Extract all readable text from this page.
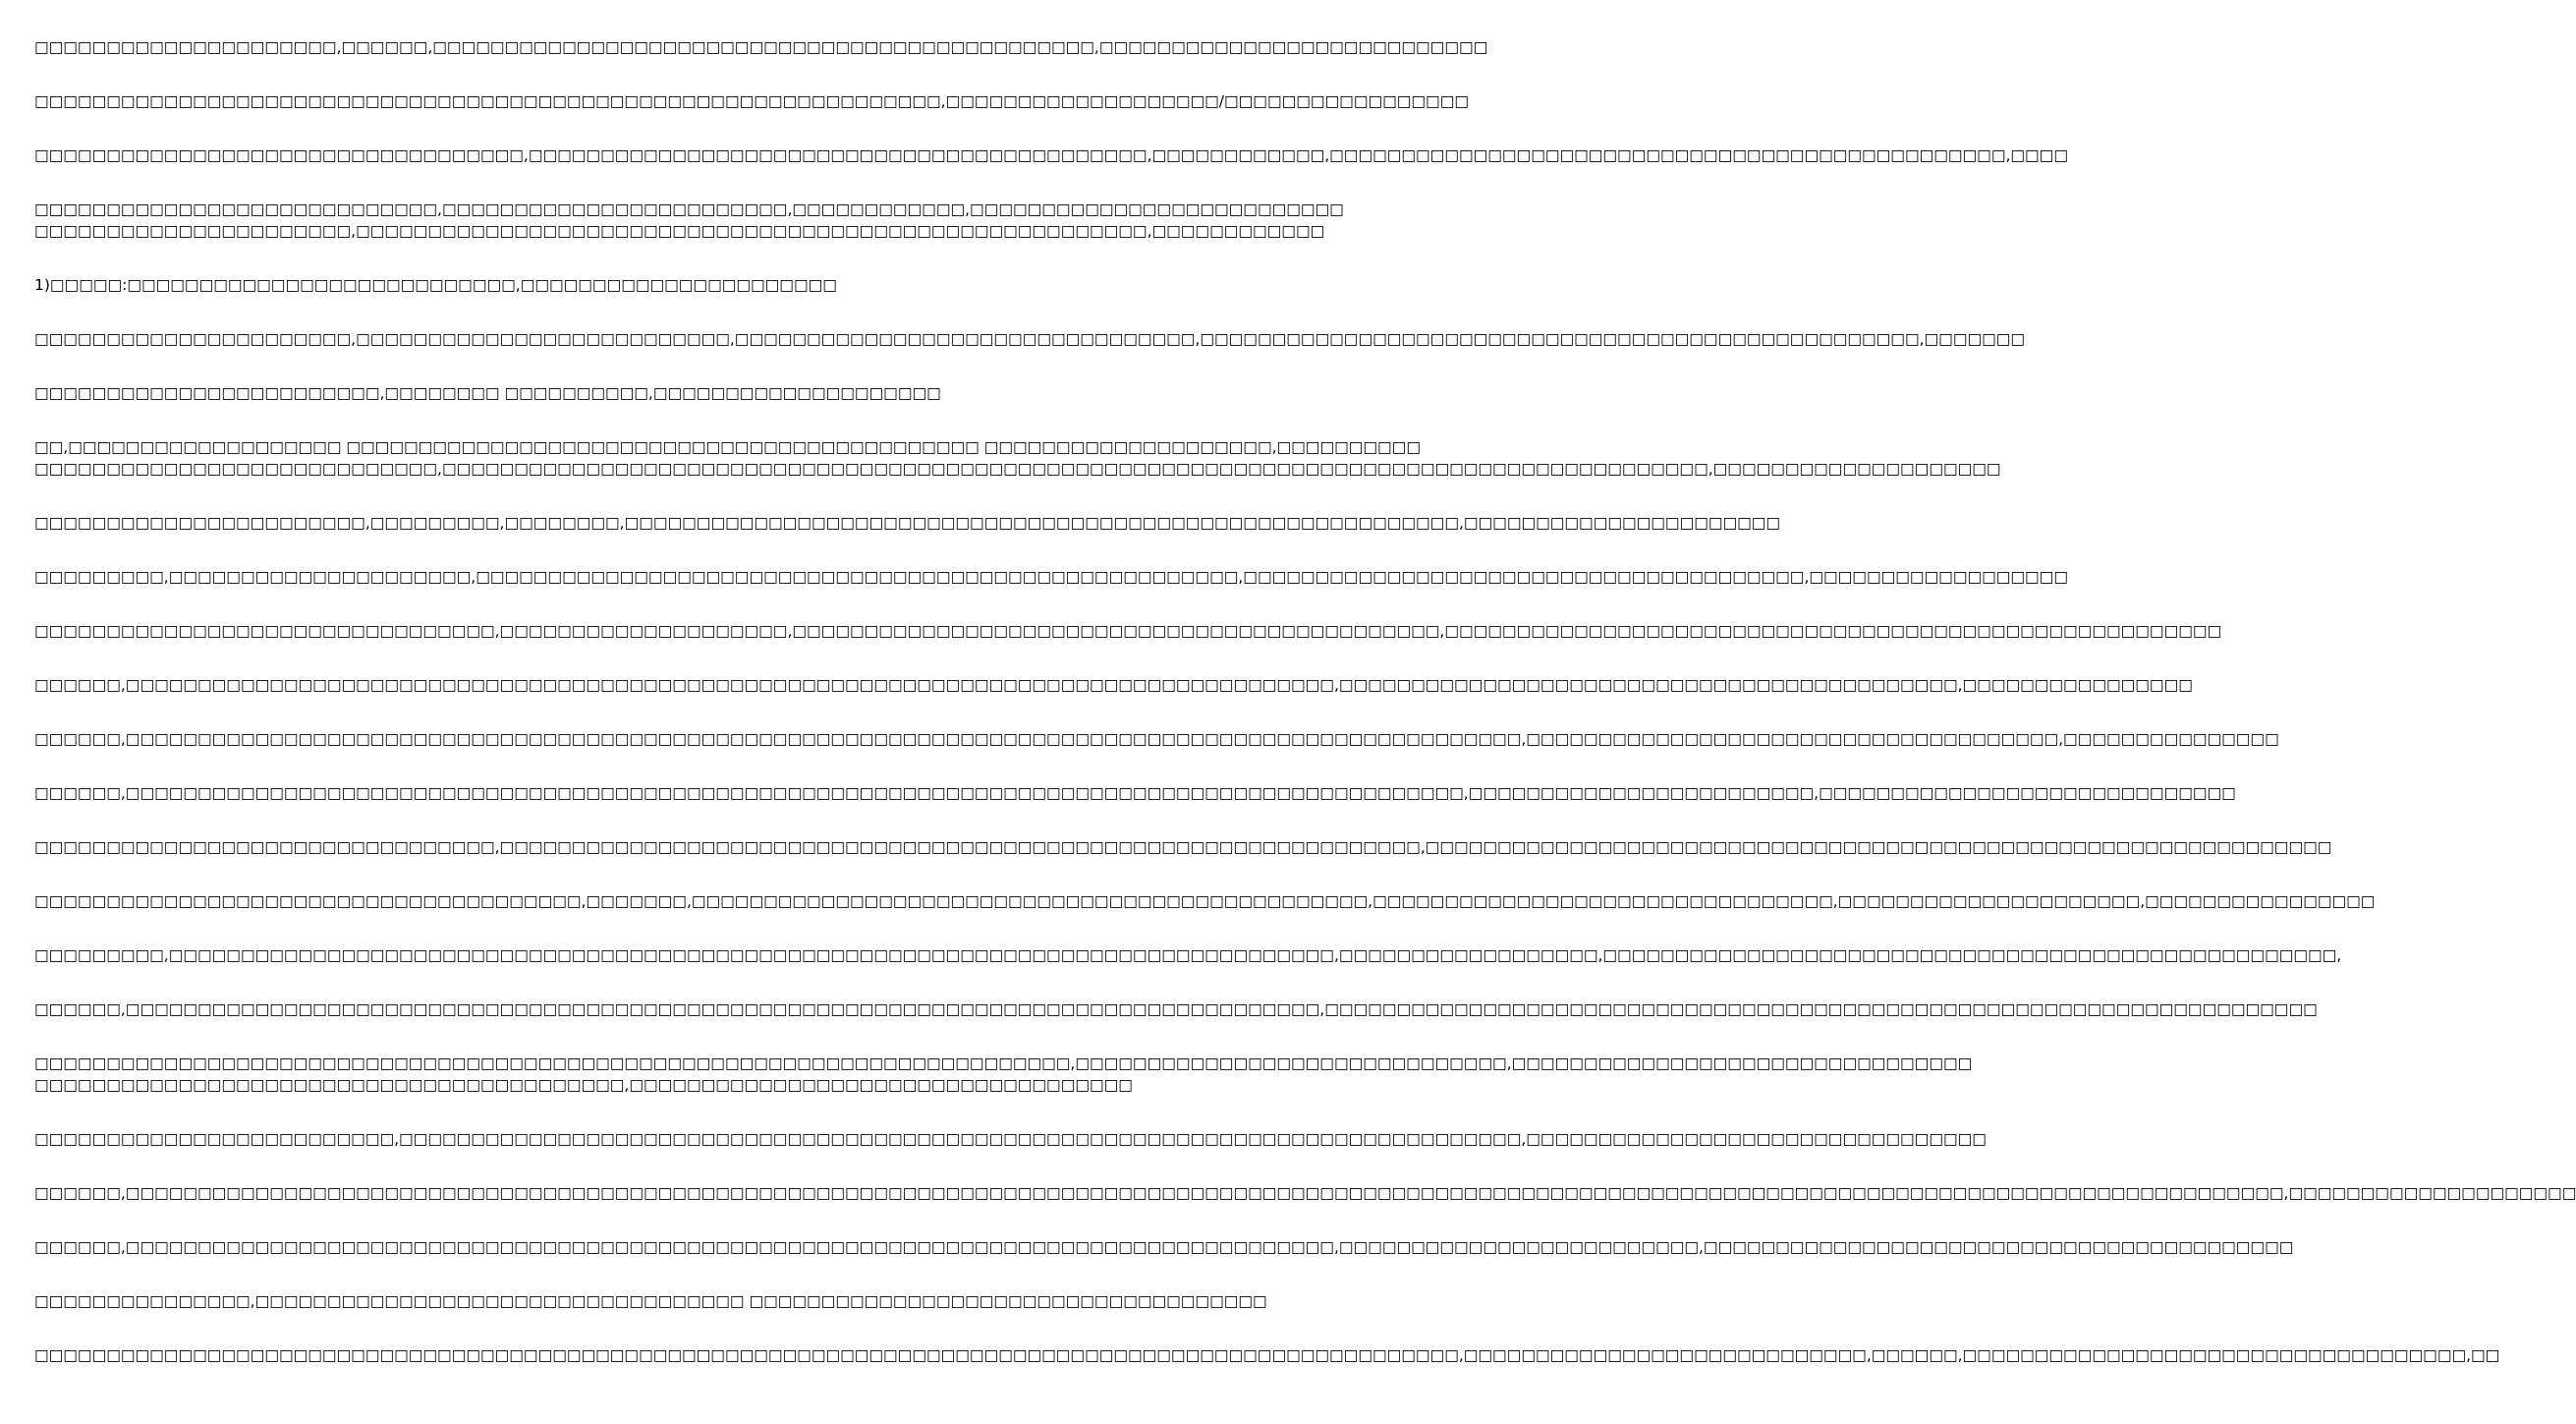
□□□□□□□□□□□□□□□□□□□□□,□□□□□□,□□□□□□□□□□□□□□□□□□□□□□□□□□□□□□□□□□□□□□□□□□□□□□,□□□□□□□□□□□□□□□□□□□□□□□□□□□
□□□□□□□□□□□□□□□□□□□□□□□□□□□□□□□□□□□□□□□□□□□□□□□□□□□□□□□□□□□□□□□,□□□□□□□□□□□□□□□□□□□/□□□□□□□□□□□□□□□□□
□□□□□□□□□□□□□□□□□□□□□□□□□□□□□□□□□□,□□□□□□□□□□□□□□□□□□□□□□□□□□□□□□□□□□□□□□□□□□□,□□□□□□□□□□□□,□□□□□□□□□□□□□□□□□□□□□□□□□□□□□□□□□□□□□□□□□□□□□□□,□□□□
□□□□□□□□□□□□□□□□□□□□□□□□□□□□,□□□□□□□□□□□□□□□□□□□□□□□□,□□□□□□□□□□□□,□□□□□□□□□□□□□□□□□□□□□□□□□□
□□□□□□□□□□□□□□□□□□□□□□,□□□□□□□□□□□□□□□□□□□□□□□□□□□□□□□□□□□□□□□□□□□□□□□□□□□□□□□,□□□□□□□□□□□□
1)□□□□□:□□□□□□□□□□□□□□□□□□□□□□□□□□□,□□□□□□□□□□□□□□□□□□□□□□
□□□□□□□□□□□□□□□□□□□□□□,□□□□□□□□□□□□□□□□□□□□□□□□□□,□□□□□□□□□□□□□□□□□□□□□□□□□□□□□□□□,□□□□□□□□□□□□□□□□□□□□□□□□□□□□□□□□□□□□□□□□□□□□□□□□□□,□□□□□□□
□□□□□□□□□□□□□□□□□□□□□□□□,□□□□□□□□ □□□□□□□□□□,□□□□□□□□□□□□□□□□□□□□
□□,□□□□□□□□□□□□□□□□□□□ □□□□□□□□□□□□□□□□□□□□□□□□□□□□□□□□□□□□□□□□□□□□ □□□□□□□□□□□□□□□□□□□□,□□□□□□□□□□
□□□□□□□□□□□□□□□□□□□□□□□□□□□□,□□□□□□□□□□□□□□□□□□□□□□□□□□□□□□□□□□□□□□□□□□□□□□□□□□□□□□□□□□□□□□□□□□□□□□□□□□□□□□□□□□□□□□□□,□□□□□□□□□□□□□□□□□□□□
□□□□□□□□□□□□□□□□□□□□□□□,□□□□□□□□□,□□□□□□□□,□□□□□□□□□□□□□□□□□□□□□□□□□□□□□□□□□□□□□□□□□□□□□□□□□□□□□□□□□□,□□□□□□□□□□□□□□□□□□□□□□
□□□□□□□□□,□□□□□□□□□□□□□□□□□□□□□,□□□□□□□□□□□□□□□□□□□□□□□□□□□□□□□□□□□□□□□□□□□□□□□□□□□□□,□□□□□□□□□□□□□□□□□□□□□□□□□□□□□□□□□□□□□□□,□□□□□□□□□□□□□□□□□□
□□□□□□□□□□□□□□□□□□□□□□□□□□□□□□□□,□□□□□□□□□□□□□□□□□□□□,□□□□□□□□□□□□□□□□□□□□□□□□□□□□□□□□□□□□□□□□□□□□□,□□□□□□□□□□□□□□□□□□□□□□□□□□□□□□□□□□□□□□□□□□□□□□□□□□□□□□
□□□□□□,□□□□□□□□□□□□□□□□□□□□□□□□□□□□□□□□□□□□□□□□□□□□□□□□□□□□□□□□□□□□□□□□□□□□□□□□□□□□□□□□□□□□,□□□□□□□□□□□□□□□□□□□□□□□□□□□□□□□□□□□□□□□□□□□,□□□□□□□□□□□□□□□□
□□□□□□,□□□□□□□□□□□□□□□□□□□□□□□□□□□□□□□□□□□□□□□□□□□□□□□□□□□□□□□□□□□□□□□□□□□□□□□□□□□□□□□□□□□□□□□□□□□□□□□□□,□□□□□□□□□□□□□□□□□□□□□□□□□□□□□□□□□□□□□,□□□□□□□□□□□□□□□
□□□□□□,□□□□□□□□□□□□□□□□□□□□□□□□□□□□□□□□□□□□□□□□□□□□□□□□□□□□□□□□□□□□□□□□□□□□□□□□□□□□□□□□□□□□□□□□□□□□□,□□□□□□□□□□□□□□□□□□□□□□□□,□□□□□□□□□□□□□□□□□□□□□□□□□□□□□
□□□□□□□□□□□□□□□□□□□□□□□□□□□□□□□□,□□□□□□□□□□□□□□□□□□□□□□□□□□□□□□□□□□□□□□□□□□□□□□□□□□□□□□□□□□□□□□□□,□□□□□□□□□□□□□□□□□□□□□□□□□□□□□□□□□□□□□□□□□□□□□□□□□□□□□□□□□□□□□□□
□□□□□□□□□□□□□□□□□□□□□□□□□□□□□□□□□□□□□□,□□□□□□□,□□□□□□□□□□□□□□□□□□□□□□□□□□□□□□□□□□□□□□□□□□□□□□□,□□□□□□□□□□□□□□□□□□□□□□□□□□□□□□□□,□□□□□□□□□□□□□□□□□□□□□,□□□□□□□□□□□□□□□□
□□□□□□□□□,□□□□□□□□□□□□□□□□□□□□□□□□□□□□□□□□□□□□□□□□□□□□□□□□□□□□□□□□□□□□□□□□□□□□□□□□□□□□□□□□□,□□□□□□□□□□□□□□□□□□,□□□□□□□□□□□□□□□□□□□□□□□□□□□□□□□□□□□□□□□□□□□□□□□□□□□,
□□□□□□,□□□□□□□□□□□□□□□□□□□□□□□□□□□□□□□□□□□□□□□□□□□□□□□□□□□□□□□□□□□□□□□□□□□□□□□□□□□□□□□□□□□,□□□□□□□□□□□□□□□□□□□□□□□□□□□□□□□□□□□□□□□□□□□□□□□□□□□□□□□□□□□□□□□□□□□□□
□□□□□□□□□□□□□□□□□□□□□□□□□□□□□□□□□□□□□□□□□□□□□□□□□□□□□□□□□□□□□□□□□□□□□□□□,□□□□□□□□□□□□□□□□□□□□□□□□□□□□□□,□□□□□□□□□□□□□□□□□□□□□□□□□□□□□□□□
□□□□□□□□□□□□□□□□□□□□□□□□□□□□□□□□□□□□□□□□□,□□□□□□□□□□□□□□□□□□□□□□□□□□□□□□□□□□□
□□□□□□□□□□□□□□□□□□□□□□□□□,□□□□□□□□□□□□□□□□□□□□□□□□□□□□□□□□□□□□□□□□□□□□□□□□□□□□□□□□□□□□□□□□□□□□□□□□□□□□□□,□□□□□□□□□□□□□□□□□□□□□□□□□□□□□□□□
□□□□□□,□□□□□□□□□□□□□□□□□□□□□□□□□□□□□□□□□□□□□□□□□□□□□□□□□□□□□□□□□□□□□□□□□□□□□□□□□□□□□□□□□□□□□□□□□□□□□□□□□□□□□□□□□□□□□□□□□□□□□□□□□□□□□□□□□□□□□□□□□□□□□□□□□□□□□□,□□□□□□□□□□□□□□□□□□□□
□□□□□□,□□□□□□□□□□□□□□□□□□□□□□□□□□□□□□□□□□□□□□□□□□□□□□□□□□□□□□□□□□□□□□□□□□□□□□□□□□□□□□□□□□□□,□□□□□□□□□□□□□□□□□□□□□□□□□,□□□□□□□□□□□□□□□□□□□□□□□□□□□□□□□□□□□□□□□□□
□□□□□□□□□□□□□□□,□□□□□□□□□□□□□□□□□□□□□□□□□□□□□□□□□□ □□□□□□□□□□□□□□□□□□□□□□□□□□□□□□□□□□□□
□□□□□□□□□□□□□□□□□□□□□□□□□□□□□□□□□□□□□□□□□□□□□□□□□□□□□□□□□□□□□□□□□□□□□□□□□□□□□□□□□□□□□□□□□□□□□□□□□□□,□□□□□□□□□□□□□□□□□□□□□□□□□□□□,□□□□□□,□□□□□□□□□□□□□□□□□□□□□□□□□□□□□□□□□□□,□□
